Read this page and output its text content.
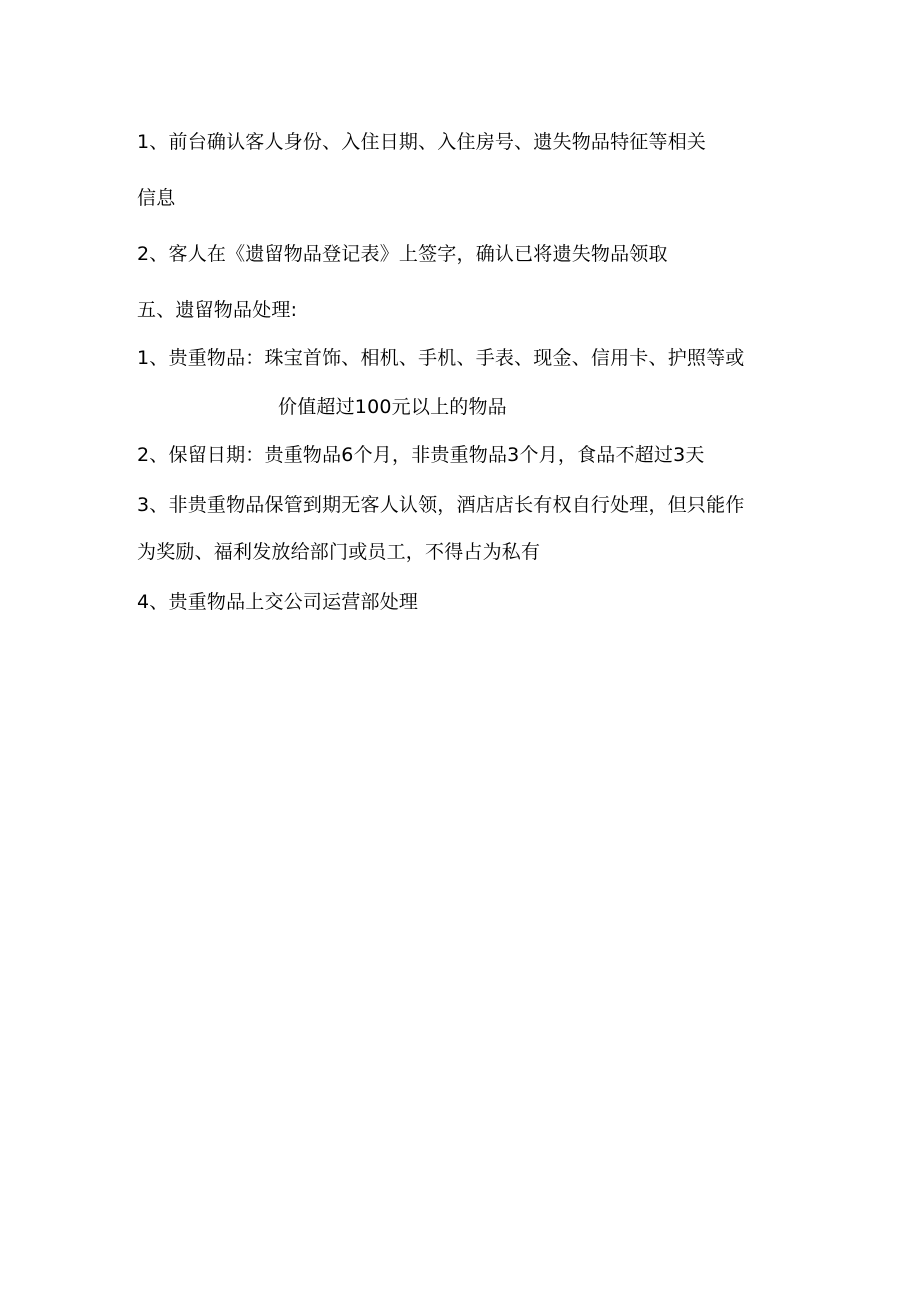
1、前台确认客人身份、入住日期、入住房号、遗失物品特征等相关
信息
2、客人在《遗留物品登记表》上签字，确认已将遗失物品领取
五、遗留物品处理:
1、贵重物品：珠宝首饰、相机、手机、手表、现金、信用卡、护照等或
价值超过100元以上的物品
2、保留日期：贵重物品6个月，非贵重物品3个月，食品不超过3天
3、非贵重物品保管到期无客人认领，酒店店长有权自行处理，但只能作
为奖励、福利发放给部门或员工，不得占为私有
4、贵重物品上交公司运营部处理
